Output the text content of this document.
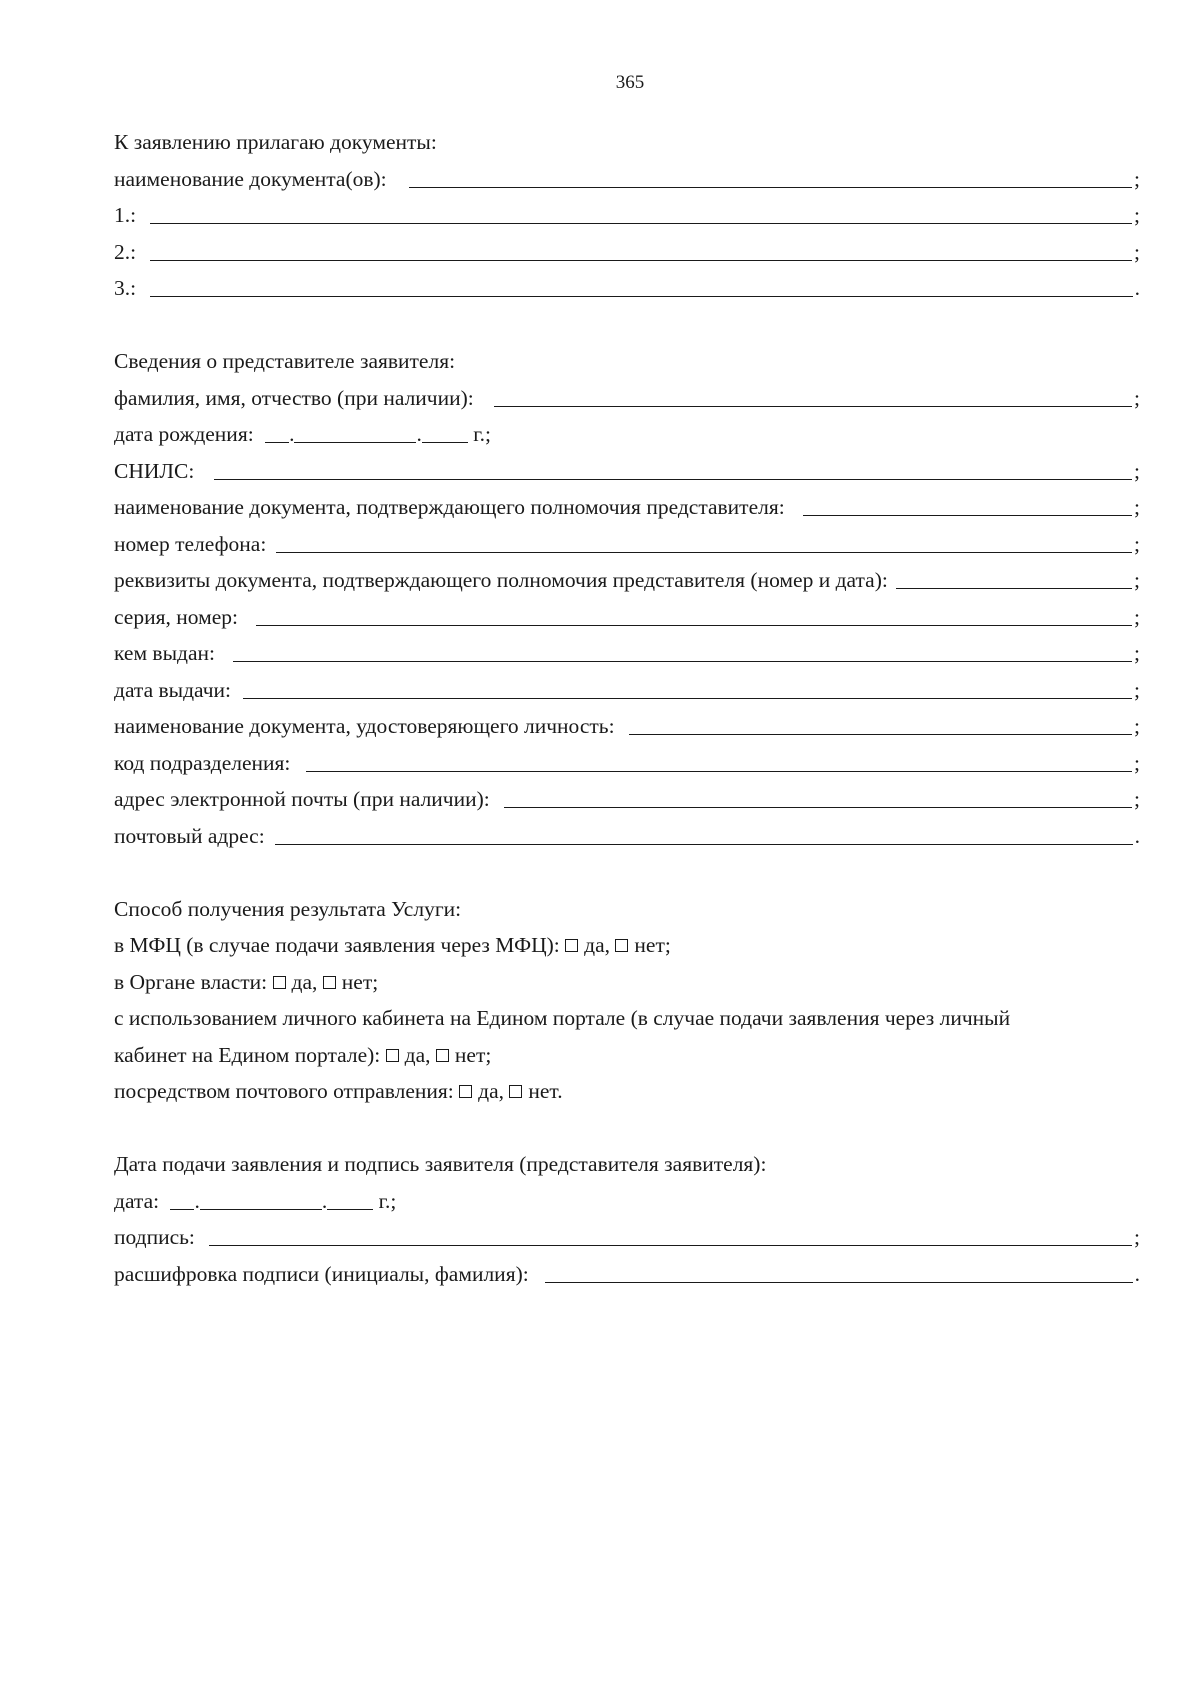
365
К заявлению прилагаю документы:
наименование документа(ов):	;
1.:	;
2.:	;
3.:	.
Сведения о представителе заявителя:
фамилия, имя, отчество (при наличии):	;
дата рождения: .	. г.;
СНИЛС:	;
наименование документа, подтверждающего полномочия представителя:	;
номер телефона:	;
реквизиты документа, подтверждающего полномочия представителя (номер и дата):	;
серия, номер:	;
кем выдан:	;
дата выдачи:	;
наименование документа, удостоверяющего личность:	;
код подразделения:	;
адрес электронной почты (при наличии):	;
почтовый адрес:	.
Способ получения результата Услуги:
в МФЦ (в случае подачи заявления через МФЦ): да, нет;
в Органе власти: да, нет;
с использованием личного кабинета на Едином портале (в случае подачи заявления через личный
кабинет на Едином портале): да, нет;
посредством почтового отправления: да, нет.
Дата подачи заявления и подпись заявителя (представителя заявителя):
дата: .	. г.;
подпись:	;
расшифровка подписи (инициалы, фамилия):	.
